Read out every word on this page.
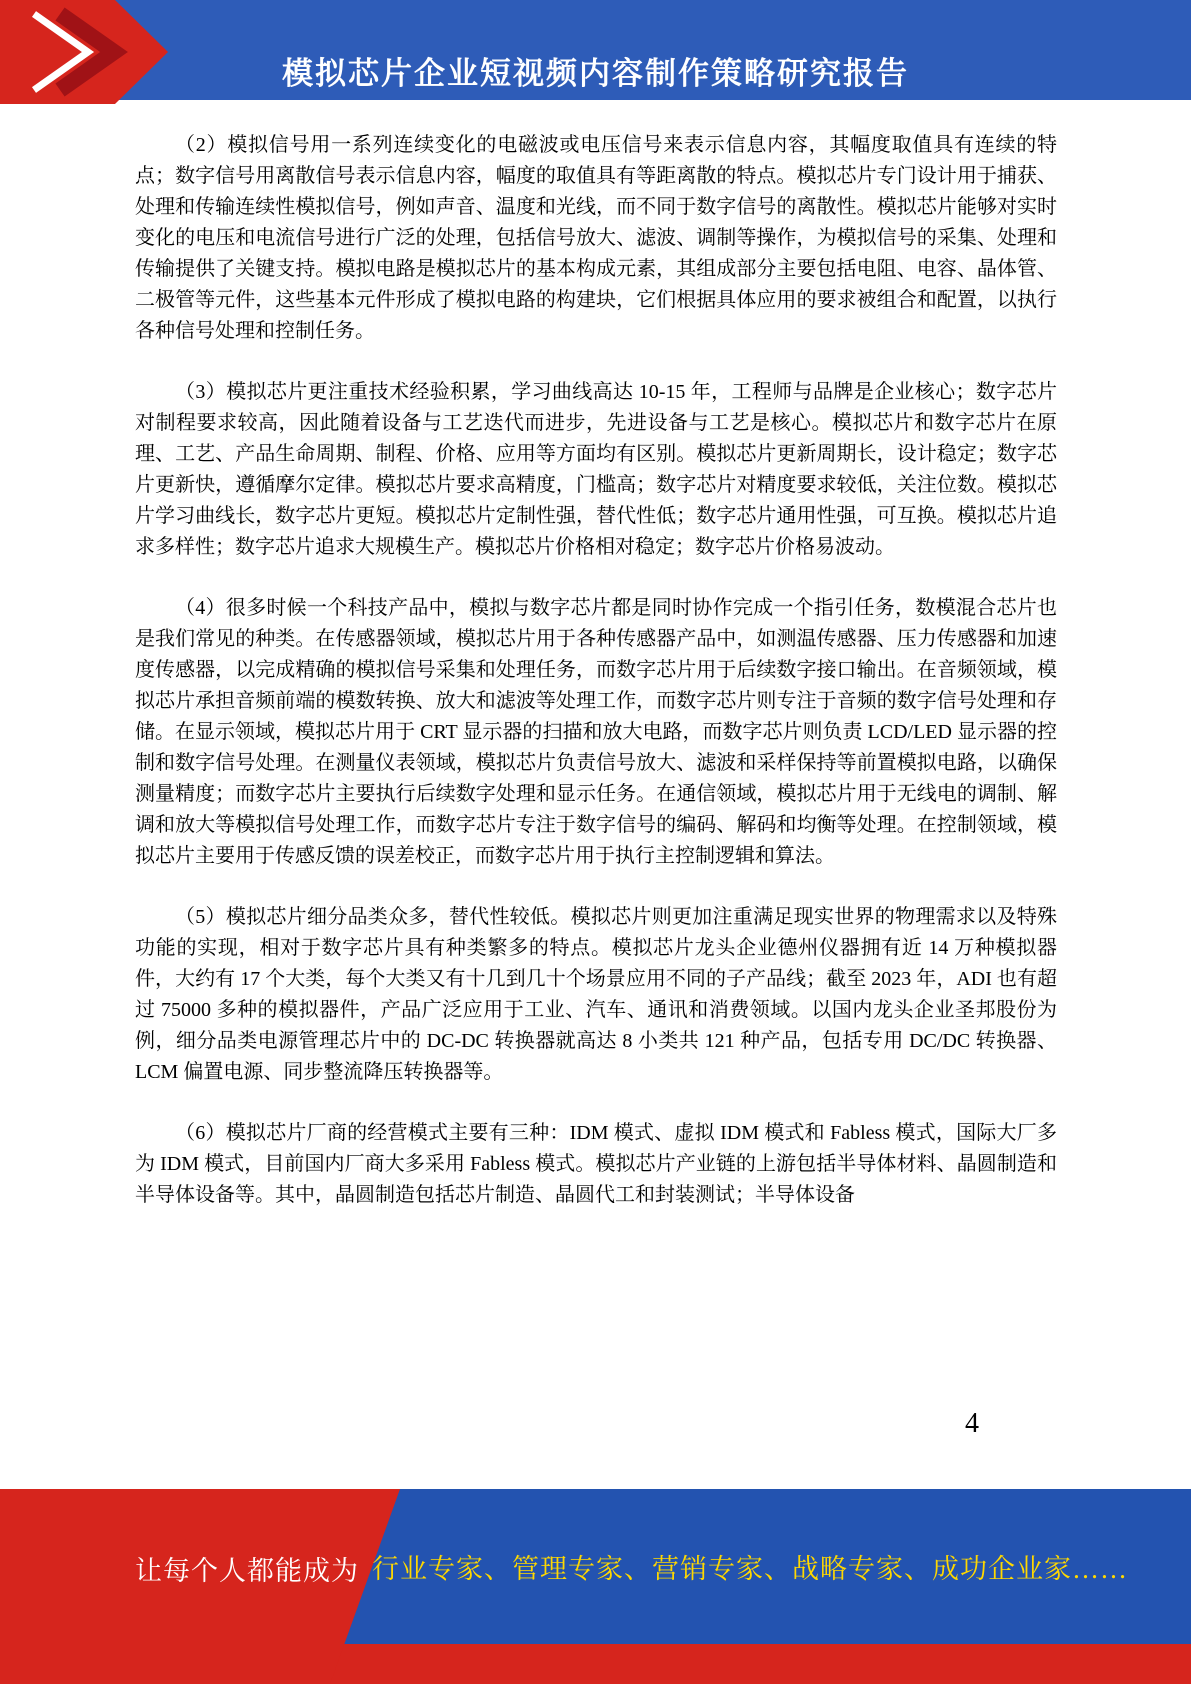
模拟芯片企业短视频内容制作策略研究报告

（2）模拟信号用一系列连续变化的电磁波或电压信号来表示信息内容，其幅度取值具有连续的特点；数字信号用离散信号表示信息内容，幅度的取值具有等距离散的特点。模拟芯片专门设计用于捕获、处理和传输连续性模拟信号，例如声音、温度和光线，而不同于数字信号的离散性。模拟芯片能够对实时变化的电压和电流信号进行广泛的处理，包括信号放大、滤波、调制等操作，为模拟信号的采集、处理和传输提供了关键支持。模拟电路是模拟芯片的基本构成元素，其组成部分主要包括电阻、电容、晶体管、二极管等元件，这些基本元件形成了模拟电路的构建块，它们根据具体应用的要求被组合和配置，以执行各种信号处理和控制任务。

（3）模拟芯片更注重技术经验积累，学习曲线高达 10-15 年，工程师与品牌是企业核心；数字芯片对制程要求较高，因此随着设备与工艺迭代而进步，先进设备与工艺是核心。模拟芯片和数字芯片在原理、工艺、产品生命周期、制程、价格、应用等方面均有区别。模拟芯片更新周期长，设计稳定；数字芯片更新快，遵循摩尔定律。模拟芯片要求高精度，门槛高；数字芯片对精度要求较低，关注位数。模拟芯片学习曲线长，数字芯片更短。模拟芯片定制性强，替代性低；数字芯片通用性强，可互换。模拟芯片追求多样性；数字芯片追求大规模生产。模拟芯片价格相对稳定；数字芯片价格易波动。

（4）很多时候一个科技产品中，模拟与数字芯片都是同时协作完成一个指引任务，数模混合芯片也是我们常见的种类。在传感器领域，模拟芯片用于各种传感器产品中，如测温传感器、压力传感器和加速度传感器，以完成精确的模拟信号采集和处理任务，而数字芯片用于后续数字接口输出。在音频领域，模拟芯片承担音频前端的模数转换、放大和滤波等处理工作，而数字芯片则专注于音频的数字信号处理和存储。在显示领域，模拟芯片用于 CRT 显示器的扫描和放大电路，而数字芯片则负责 LCD/LED 显示器的控制和数字信号处理。在测量仪表领域，模拟芯片负责信号放大、滤波和采样保持等前置模拟电路，以确保测量精度；而数字芯片主要执行后续数字处理和显示任务。在通信领域，模拟芯片用于无线电的调制、解调和放大等模拟信号处理工作，而数字芯片专注于数字信号的编码、解码和均衡等处理。在控制领域，模拟芯片主要用于传感反馈的误差校正，而数字芯片用于执行主控制逻辑和算法。

（5）模拟芯片细分品类众多，替代性较低。模拟芯片则更加注重满足现实世界的物理需求以及特殊功能的实现，相对于数字芯片具有种类繁多的特点。模拟芯片龙头企业德州仪器拥有近 14 万种模拟器件，大约有 17 个大类，每个大类又有十几到几十个场景应用不同的子产品线；截至 2023 年，ADI 也有超过 75000 多种的模拟器件，产品广泛应用于工业、汽车、通讯和消费领域。以国内龙头企业圣邦股份为例，细分品类电源管理芯片中的 DC-DC 转换器就高达 8 小类共 121 种产品，包括专用 DC/DC 转换器、LCM 偏置电源、同步整流降压转换器等。

（6）模拟芯片厂商的经营模式主要有三种：IDM 模式、虚拟 IDM 模式和 Fabless 模式，国际大厂多为 IDM 模式，目前国内厂商大多采用 Fabless 模式。模拟芯片产业链的上游包括半导体材料、晶圆制造和半导体设备等。其中，晶圆制造包括芯片制造、晶圆代工和封装测试；半导体设备

4
让每个人都能成为 行业专家、管理专家、营销专家、战略专家、成功企业家……
